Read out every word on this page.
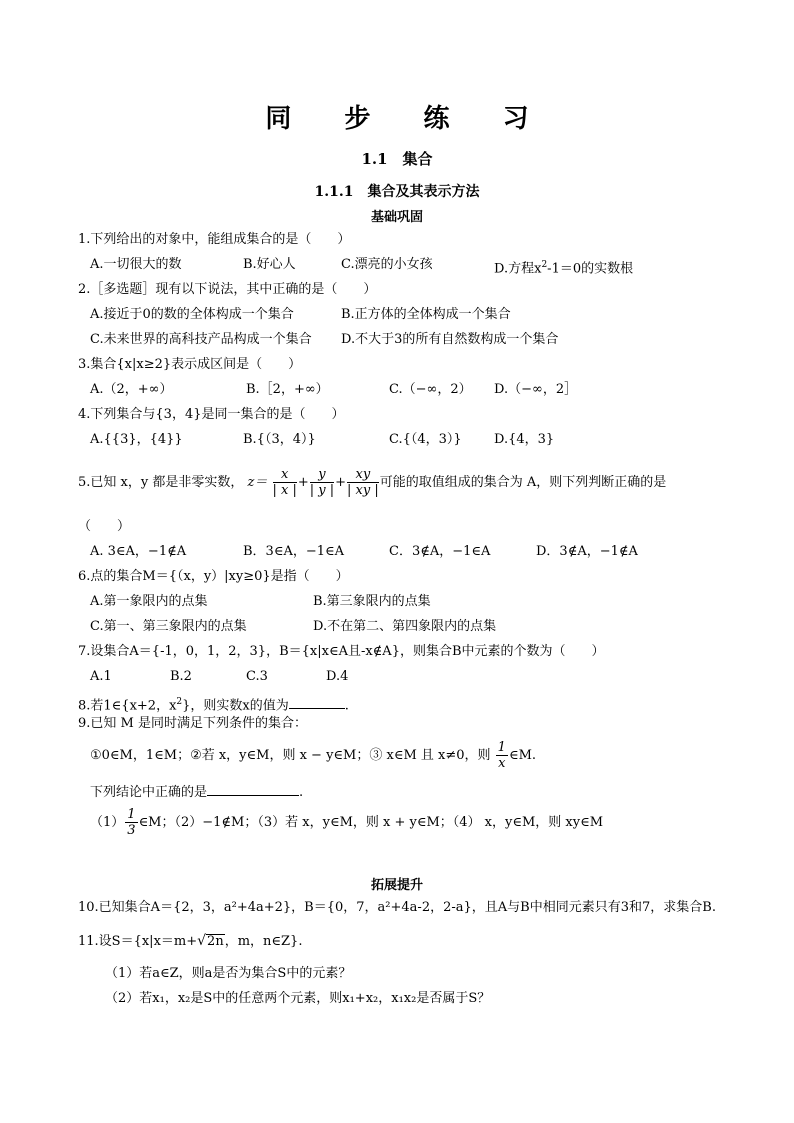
同 步 练 习
1.1　集合
1.1.1　集合及其表示方法
基础巩固
1.下列给出的对象中，能组成集合的是（　　）
A.一切很大的数	B.好心人	C.漂亮的小女孩	D.方程$x^2-1=0$的实数根
2.［多选题］现有以下说法，其中正确的是（　　）
A.接近于0的数的全体构成一个集合	B.正方体的全体构成一个集合
C.未来世界的高科技产品构成一个集合 D.不大于3的所有自然数构成一个集合
3.集合{x|x≥2}表示成区间是（　　）
A.（2，+∞）	B.［2，+∞）	C.（−∞，2） D.（−∞，2］
4.下列集合与{3，4}是同一集合的是（　　）
A.{{3}，{4}}	B.{（3，4）}	C.{（4，3）} D.{4，3}
5.已知 x，y 都是非零实数， $z= \frac{x}{| x |} + \frac{y}{| y |} + \frac{xy}{| xy |}$ 可能的取值组成的集合为 A，则下列判断正确的是
（　　）
A. 3∈A，−1∉A	B．3∈A，−1∈A	C．3∉A，−1∈A	D．3∉A，−1∉A
6.点的集合M＝{（x，y）|xy≥0}是指（　　）
A.第一象限内的点集	B.第三象限内的点集
C.第一、第三象限内的点集	D.不在第二、第四象限内的点集
7.设集合A＝{-1，0，1，2，3}，B＝{x|x∈A且-x∉A}，则集合B中元素的个数为（　　）
A.1	B.2	C.3	D.4
8.若1∈{x+2，$x^2$}，则实数x的值为	.
9.已知 M 是同时满足下列条件的集合：
①0∈M，1∈M；②若 x，y∈M，则 x − y∈M；③ x∈M 且 x≠0，则 $\frac{1}{x}$ ∈M.
下列结论中正确的是	.
$(1) \frac{1}{3}$ ∈M；（2）−1∉M；（3）若 x，y∈M，则 x + y∈M；（4） x，y∈M，则 xy∈M
拓展提升
10.已知集合A＝{2，3，a²+4a+2}，B＝{0，7，a²+4a-2，2-a}，且A与B中相同元素只有3和7，求集合B.
11.设S＝{x|x＝m+√2n，m，n∈Z}.
（1）若a∈Z，则a是否为集合S中的元素？
（2）若x₁，x₂是S中的任意两个元素，则x₁+x₂，x₁x₂是否属于S？
